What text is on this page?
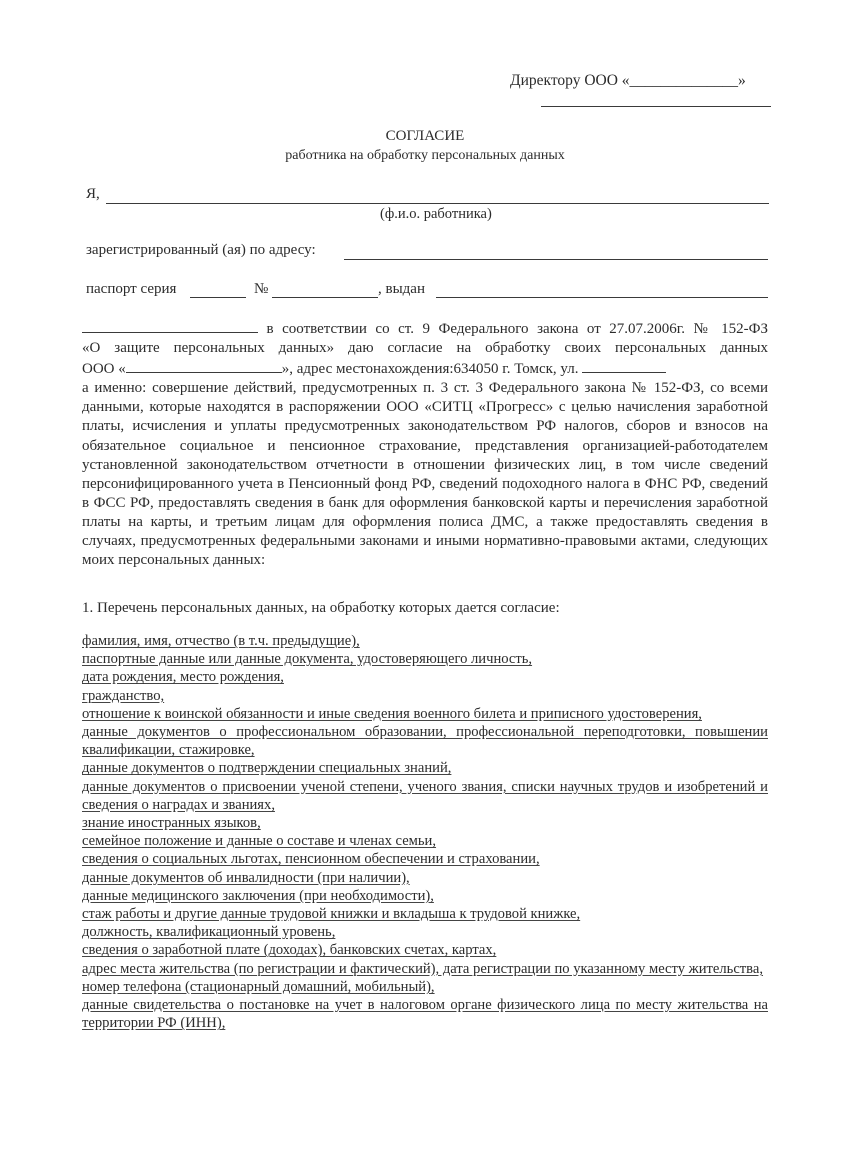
Директору ООО «______________»
СОГЛАСИЕ
работника на обработку персональных данных
Я,
(ф.и.о. работника)
зарегистрированный (ая) по адресу:
паспорт серия	№	, выдан

в соответствии со ст. 9 Федерального закона от 27.07.2006г. № 152-ФЗ

«О защите персональных данных» даю согласие на обработку своих персональных данных

ООО «	», адрес местонахождения:634050 г. Томск, ул.

а именно: совершение действий, предусмотренных п. 3 ст. 3 Федерального закона № 152-ФЗ, со всеми данными, которые находятся в распоряжении ООО «СИТЦ «Прогресс» с целью начисления заработной платы, исчисления и уплаты предусмотренных законодательством РФ налогов, сборов и взносов на обязательное социальное и пенсионное страхование, представления организацией-работодателем установленной законодательством отчетности в отношении физических лиц, в том числе сведений персонифицированного учета в Пенсионный фонд РФ, сведений подоходного налога в ФНС РФ, сведений в ФСС РФ, предоставлять сведения в банк для оформления банковской карты и перечисления заработной платы на карты, и третьим лицам для оформления полиса ДМС, а также предоставлять сведения в случаях, предусмотренных федеральными законами и иными нормативно-правовыми актами, следующих моих персональных данных:

1. Перечень персональных данных, на обработку которых дается согласие:
фамилия, имя, отчество (в т.ч. предыдущие),
паспортные данные или данные документа, удостоверяющего личность,
дата рождения, место рождения,
гражданство,
отношение к воинской обязанности и иные сведения военного билета и приписного удостоверения,
данные документов о профессиональном образовании, профессиональной переподготовки, повышении квалификации, стажировке,
данные документов о подтверждении специальных знаний,
данные документов о присвоении ученой степени, ученого звания, списки научных трудов и изобретений и сведения о наградах и званиях,
знание иностранных языков,
семейное положение и данные о составе и членах семьи,
сведения о социальных льготах, пенсионном обеспечении и страховании,
данные документов об инвалидности (при наличии),
данные медицинского заключения (при необходимости),
стаж работы и другие данные трудовой книжки и вкладыша к трудовой книжке,
должность, квалификационный уровень,
сведения о заработной плате (доходах), банковских счетах, картах,
адрес места жительства (по регистрации и фактический), дата регистрации по указанному месту жительства,
номер телефона (стационарный домашний, мобильный),
данные свидетельства о постановке на учет в налоговом органе физического лица по месту жительства на территории РФ (ИНН),
